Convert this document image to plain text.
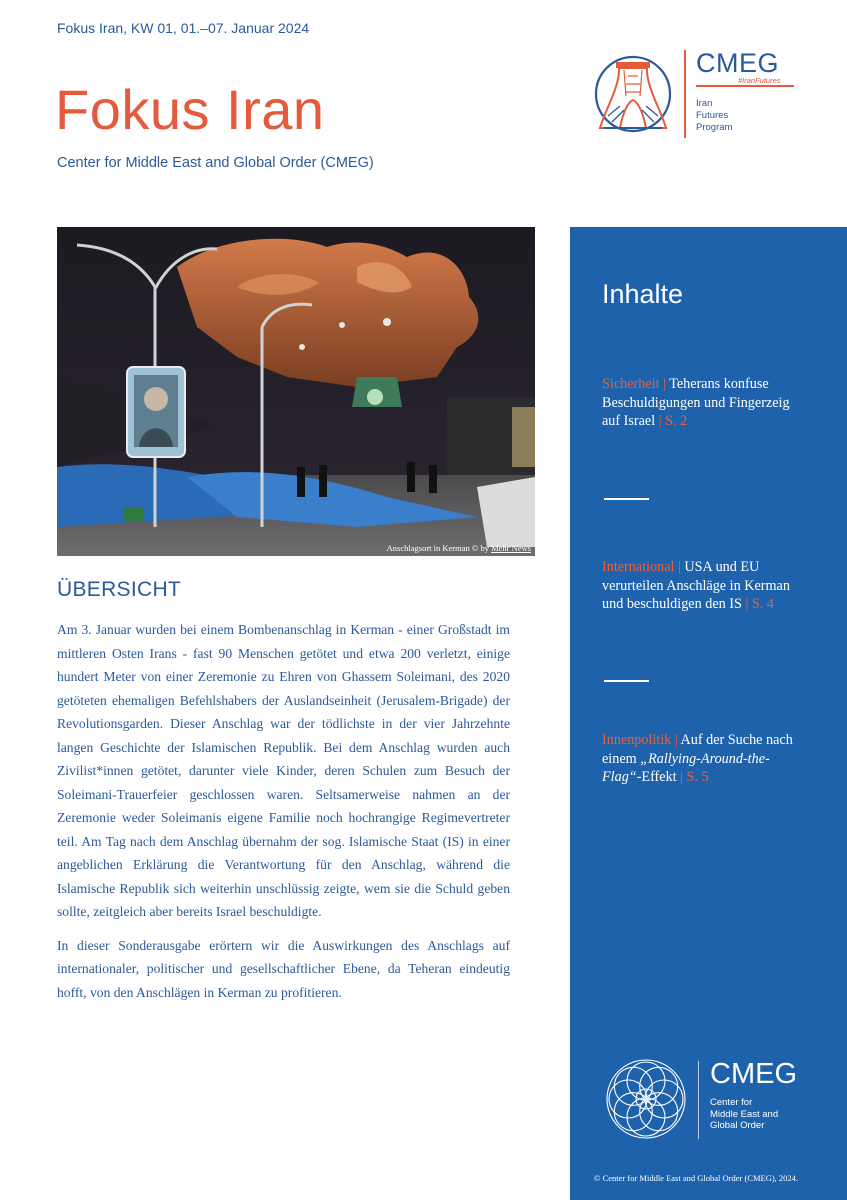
Fokus Iran, KW 01, 01.–07. Januar 2024
Fokus Iran
Center for Middle East and Global Order (CMEG)
CMEG
#IranFutures
Iran
Futures
Program
Anschlagsort in Kerman © by Mehr News
ÜBERSICHT

Am 3. Januar wurden bei einem Bombenanschlag in Kerman - einer Großstadt im mittleren Osten Irans - fast 90 Menschen getötet und etwa 200 verletzt, einige hundert Meter von einer Zeremonie zu Ehren von Ghassem Soleimani, des 2020 getöteten ehemaligen Befehlshabers der Auslandseinheit (Jerusalem-Brigade) der Revolutionsgarden. Dieser Anschlag war der tödlichste in der vier Jahrzehnte langen Geschichte der Islamischen Republik. Bei dem Anschlag wurden auch Zivilist*innen getötet, darunter viele Kinder, deren Schulen zum Besuch der Soleimani-Trauerfeier geschlossen waren. Seltsamerweise nahmen an der Zeremonie weder Soleimanis eigene Familie noch hochrangige Regimevertreter teil. Am Tag nach dem Anschlag übernahm der sog. Islamische Staat (IS) in einer angeblichen Erklärung die Verantwortung für den Anschlag, während die Islamische Republik sich weiterhin unschlüssig zeigte, wem sie die Schuld geben sollte, zeitgleich aber bereits Israel beschuldigte.

In dieser Sonderausgabe erörtern wir die Auswirkungen des Anschlags auf internationaler, politischer und gesellschaftlicher Ebene, da Teheran eindeutig hofft, von den Anschlägen in Kerman zu profitieren.

Inhalte
Sicherheit | Teherans konfuse Beschuldigungen und Fingerzeig auf Israel | S. 2
International | USA und EU verurteilen Anschläge in Kerman und beschuldigen den IS | S. 4
Innenpolitik | Auf der Suche nach einem „Rallying-Around-the-Flag“-Effekt | S. 5
CMEG
Center for
Middle East and
Global Order
© Center for Middle East and Global Order (CMEG), 2024.
